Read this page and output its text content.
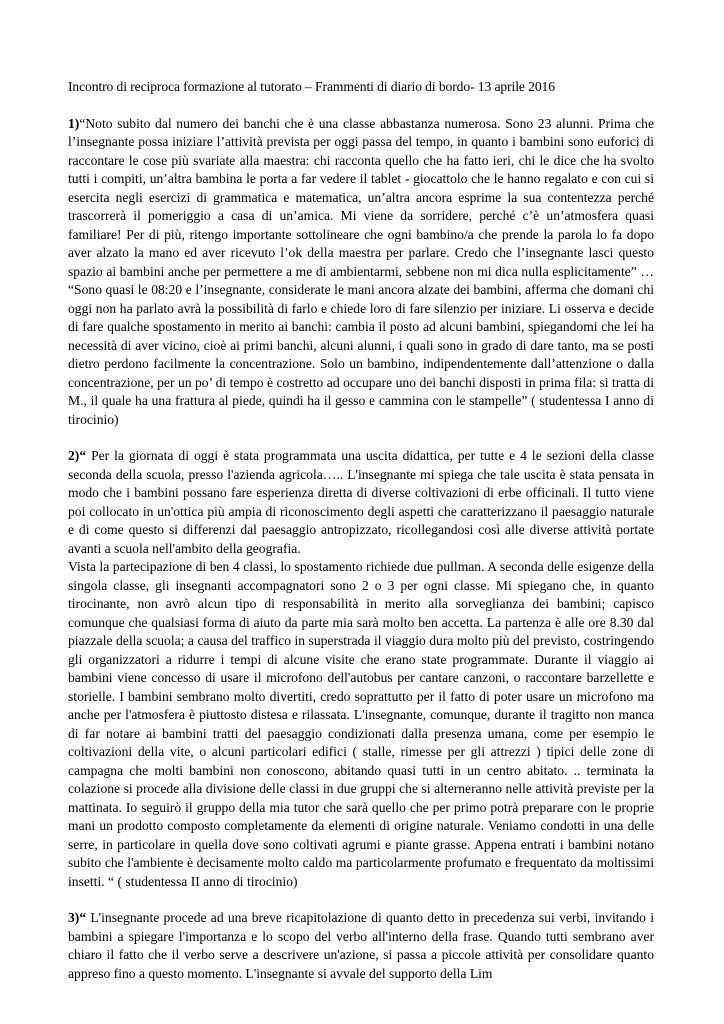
Incontro di reciproca formazione al tutorato – Frammenti di diario di bordo- 13 aprile 2016

1)“Noto subito dal numero dei banchi che è una classe abbastanza numerosa. Sono 23 alunni. Prima che l’insegnante possa iniziare l’attività prevista per oggi passa del tempo, in quanto i bambini sono euforici di raccontare le cose più svariate alla maestra: chi racconta quello che ha fatto ieri, chi le dice che ha svolto tutti i compiti, un’altra bambina le porta a far vedere il tablet - giocattolo che le hanno regalato e con cui si esercita negli esercizi di grammatica e matematica, un’altra ancora esprime la sua contentezza perché trascorrerà il pomeriggio a casa di un’amica. Mi viene da sorridere, perché c’è un’atmosfera quasi familiare! Per di più, ritengo importante sottolineare che ogni bambino/a che prende la parola lo fa dopo aver alzato la mano ed aver ricevuto l’ok della maestra per parlare. Credo che l’insegnante lasci questo spazio ai bambini anche per permettere a me di ambientarmi, sebbene non mi dica nulla esplicitamente” … “Sono quasi le 08:20 e l’insegnante, considerate le mani ancora alzate dei bambini, afferma che domani chi oggi non ha parlato avrà la possibilità di farlo e chiede loro di fare silenzio per iniziare. Li osserva e decide di fare qualche spostamento in merito ai banchi: cambia il posto ad alcuni bambini, spiegandomi che lei ha necessità di aver vicino, cioè ai primi banchi, alcuni alunni, i quali sono in grado di dare tanto, ma se posti dietro perdono facilmente la concentrazione. Solo un bambino, indipendentemente dall’attenzione o dalla concentrazione, per un po’ di tempo è costretto ad occupare uno dei banchi disposti in prima fila: si tratta di M., il quale ha una frattura al piede, quindi ha il gesso e cammina con le stampelle” ( studentessa I anno di tirocinio)

2)“ Per la giornata di oggi è stata programmata una uscita didattica, per tutte e 4 le sezioni della classe seconda della scuola, presso l'azienda agricola….. L'insegnante mi spiega che tale uscita è stata pensata in modo che i bambini possano fare esperienza diretta di diverse coltivazioni di erbe officinali. Il tutto viene poi collocato in un'ottica più ampia di riconoscimento degli aspetti che caratterizzano il paesaggio naturale e di come questo si differenzi dal paesaggio antropizzato, ricollegandosi così alle diverse attività portate avanti a scuola nell'ambito della geografia.

Vista la partecipazione di ben 4 classi, lo spostamento richiede due pullman. A seconda delle esigenze della singola classe, gli insegnanti accompagnatori sono 2 o 3 per ogni classe. Mi spiegano che, in quanto tirocinante, non avrò alcun tipo di responsabilità in merito alla sorveglianza dei bambini; capisco comunque che qualsiasi forma di aiuto da parte mia sarà molto ben accetta. La partenza è alle ore 8.30 dal piazzale della scuola; a causa del traffico in superstrada il viaggio dura molto più del previsto, costringendo gli organizzatori a ridurre i tempi di alcune visite che erano state programmate. Durante il viaggio ai bambini viene concesso di usare il microfono dell'autobus per cantare canzoni, o raccontare barzellette e storielle. I bambini sembrano molto divertiti, credo soprattutto per il fatto di poter usare un microfono ma anche per l'atmosfera è piuttosto distesa e rilassata. L'insegnante, comunque, durante il tragitto non manca di far notare ai bambini tratti del paesaggio condizionati dalla presenza umana, come per esempio le coltivazioni della vite, o alcuni particolari edifici ( stalle, rimesse per gli attrezzi ) tipici delle zone di campagna che molti bambini non conoscono, abitando quasi tutti in un centro abitato. .. terminata la colazione si procede alla divisione delle classi in due gruppi che si alterneranno nelle attività previste per la mattinata. Io seguirò il gruppo della mia tutor che sarà quello che per primo potrà preparare con le proprie mani un prodotto composto completamente da elementi di origine naturale. Veniamo condotti in una delle serre, in particolare in quella dove sono coltivati agrumi e piante grasse. Appena entrati i bambini notano subito che l'ambiente è decisamente molto caldo ma particolarmente profumato e frequentato da moltissimi insetti. “ ( studentessa II anno di tirocinio)

3)“ L'insegnante procede ad una breve ricapitolazione di quanto detto in precedenza sui verbi, invitando i bambini a spiegare l'importanza e lo scopo del verbo all'interno della frase. Quando tutti sembrano aver chiaro il fatto che il verbo serve a descrivere un'azione, si passa a piccole attività per consolidare quanto appreso fino a questo momento. L'insegnante si avvale del supporto della Lim
